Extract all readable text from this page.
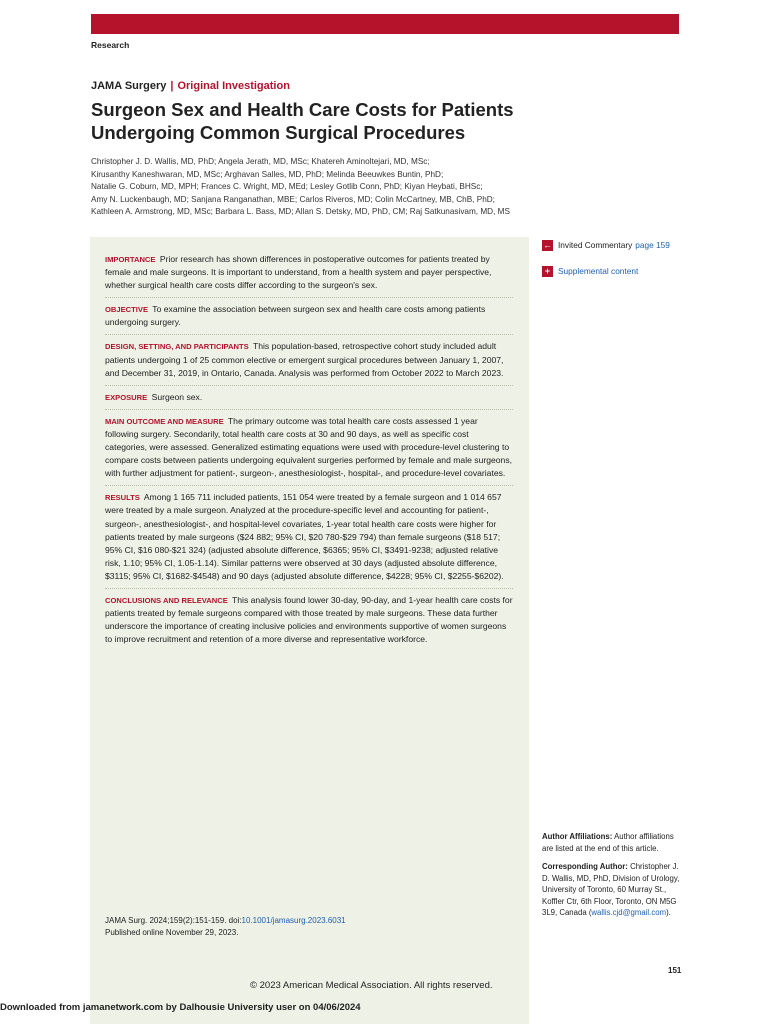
Research
JAMA Surgery | Original Investigation
Surgeon Sex and Health Care Costs for Patients Undergoing Common Surgical Procedures
Christopher J. D. Wallis, MD, PhD; Angela Jerath, MD, MSc; Khatereh Aminoltejari, MD, MSc;
Kirusanthy Kaneshwaran, MD, MSc; Arghavan Salles, MD, PhD; Melinda Beeuwkes Buntin, PhD;
Natalie G. Coburn, MD, MPH; Frances C. Wright, MD, MEd; Lesley Gotlib Conn, PhD; Kiyan Heybati, BHSc;
Amy N. Luckenbaugh, MD; Sanjana Ranganathan, MBE; Carlos Riveros, MD; Colin McCartney, MB, ChB, PhD;
Kathleen A. Armstrong, MD, MSc; Barbara L. Bass, MD; Allan S. Detsky, MD, PhD, CM; Raj Satkunasivam, MD, MS
IMPORTANCE Prior research has shown differences in postoperative outcomes for patients treated by female and male surgeons. It is important to understand, from a health system and payer perspective, whether surgical health care costs differ according to the surgeon's sex.
OBJECTIVE To examine the association between surgeon sex and health care costs among patients undergoing surgery.
DESIGN, SETTING, AND PARTICIPANTS This population-based, retrospective cohort study included adult patients undergoing 1 of 25 common elective or emergent surgical procedures between January 1, 2007, and December 31, 2019, in Ontario, Canada. Analysis was performed from October 2022 to March 2023.
EXPOSURE Surgeon sex.
MAIN OUTCOME AND MEASURE The primary outcome was total health care costs assessed 1 year following surgery. Secondarily, total health care costs at 30 and 90 days, as well as specific cost categories, were assessed. Generalized estimating equations were used with procedure-level clustering to compare costs between patients undergoing equivalent surgeries performed by female and male surgeons, with further adjustment for patient-, surgeon-, anesthesiologist-, hospital-, and procedure-level covariates.
RESULTS Among 1 165 711 included patients, 151 054 were treated by a female surgeon and 1 014 657 were treated by a male surgeon. Analyzed at the procedure-specific level and accounting for patient-, surgeon-, anesthesiologist-, and hospital-level covariates, 1-year total health care costs were higher for patients treated by male surgeons ($24 882; 95% CI, $20 780-$29 794) than female surgeons ($18 517; 95% CI, $16 080-$21 324) (adjusted absolute difference, $6365; 95% CI, $3491-9238; adjusted relative risk, 1.10; 95% CI, 1.05-1.14). Similar patterns were observed at 30 days (adjusted absolute difference, $3115; 95% CI, $1682-$4548) and 90 days (adjusted absolute difference, $4228; 95% CI, $2255-$6202).
CONCLUSIONS AND RELEVANCE This analysis found lower 30-day, 90-day, and 1-year health care costs for patients treated by female surgeons compared with those treated by male surgeons. These data further underscore the importance of creating inclusive policies and environments supportive of women surgeons to improve recruitment and retention of a more diverse and representative workforce.
JAMA Surg. 2024;159(2):151-159. doi:10.1001/jamasurg.2023.6031
Published online November 29, 2023.
← Invited Commentary page 159
+ Supplemental content

Author Affiliations: Author affiliations are listed at the end of this article.

Corresponding Author: Christopher J. D. Wallis, MD, PhD, Division of Urology, University of Toronto, 60 Murray St., Koffler Ctr, 6th Floor, Toronto, ON M5G 3L9, Canada (wallis.cjd@gmail.com).

151
© 2023 American Medical Association. All rights reserved.
Downloaded from jamanetwork.com by Dalhousie University user on 04/06/2024
